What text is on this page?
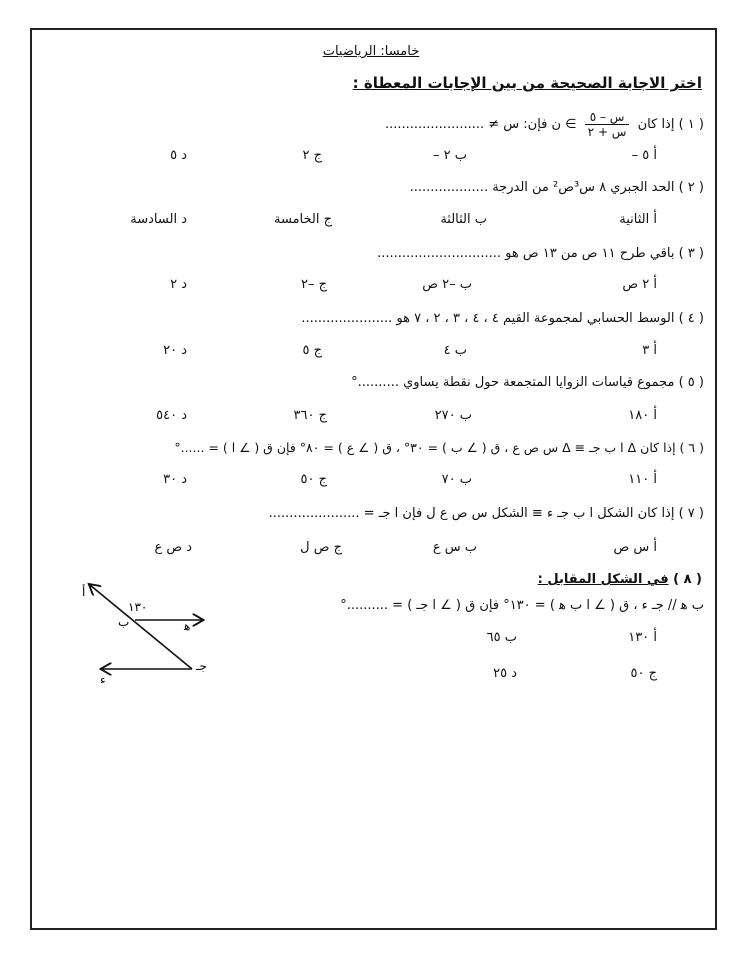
خامسا: الرياضيات
اختر الاجابة الصحيحة من بين الإجابات المعطاة :
( ١ ) إذا كان
$\frac{\text{س – ٥}}{\text{س + ٢}}$
∋ ن فإن: س ≠ ........................
ﺃ ٥ –
ب ٢ –
ج ٢
د ٥
( ٢ ) الحد الجبري ٨ س³ص² من الدرجة ...................
ﺃ الثانية
ب الثالثة
ج الخامسة
د السادسة
( ٣ ) باقي طرح ١١ ص من ١٣ ص هو ..............................
ﺃ ٢ ص
ب –٢ ص
ج –٢
د ٢
( ٤ ) الوسط الحسابي لمجموعة القيم ٤ ، ٤ ، ٣ ، ٢ ، ٧ هو ......................
ﺃ ٣
ب ٤
ج ٥
د ٢٠
( ٥ ) مجموع قياسات الزوايا المتجمعة حول نقطة يساوي ..........°
ﺃ ١٨٠
ب ٢٧٠
ج ٣٦٠
د ٥٤٠
( ٦ ) إذا كان Δ ا ب جـ ≡ Δ س ص ع ، ق ( ∠ ب ) = ٣٠° ، ق ( ∠ ع ) = ٨٠° فإن ق ( ∠ ا ) = ......°
ﺃ ١١٠
ب ٧٠
ج ٥٠
د ٣٠
( ٧ ) إذا كان الشكل ا ب جـ ء ≡ الشكل س ص ع ل فإن ا جـ = ......................
ﺃ س ص
ب س ع
ج ص ل
د ص ع
( ٨ ) في الشكل المقابل :
ب ﻫ // جـ ء ، ق ( ∠ ا ب ﻫ ) = ١٣٠° فإن ق ( ∠ ا جـ ) = ..........°
ﺃ ١٣٠
ب ٦٥
ج ٥٠
د ٢٥
أ
ب
١٣٠
ﻫ
جـ
ء
